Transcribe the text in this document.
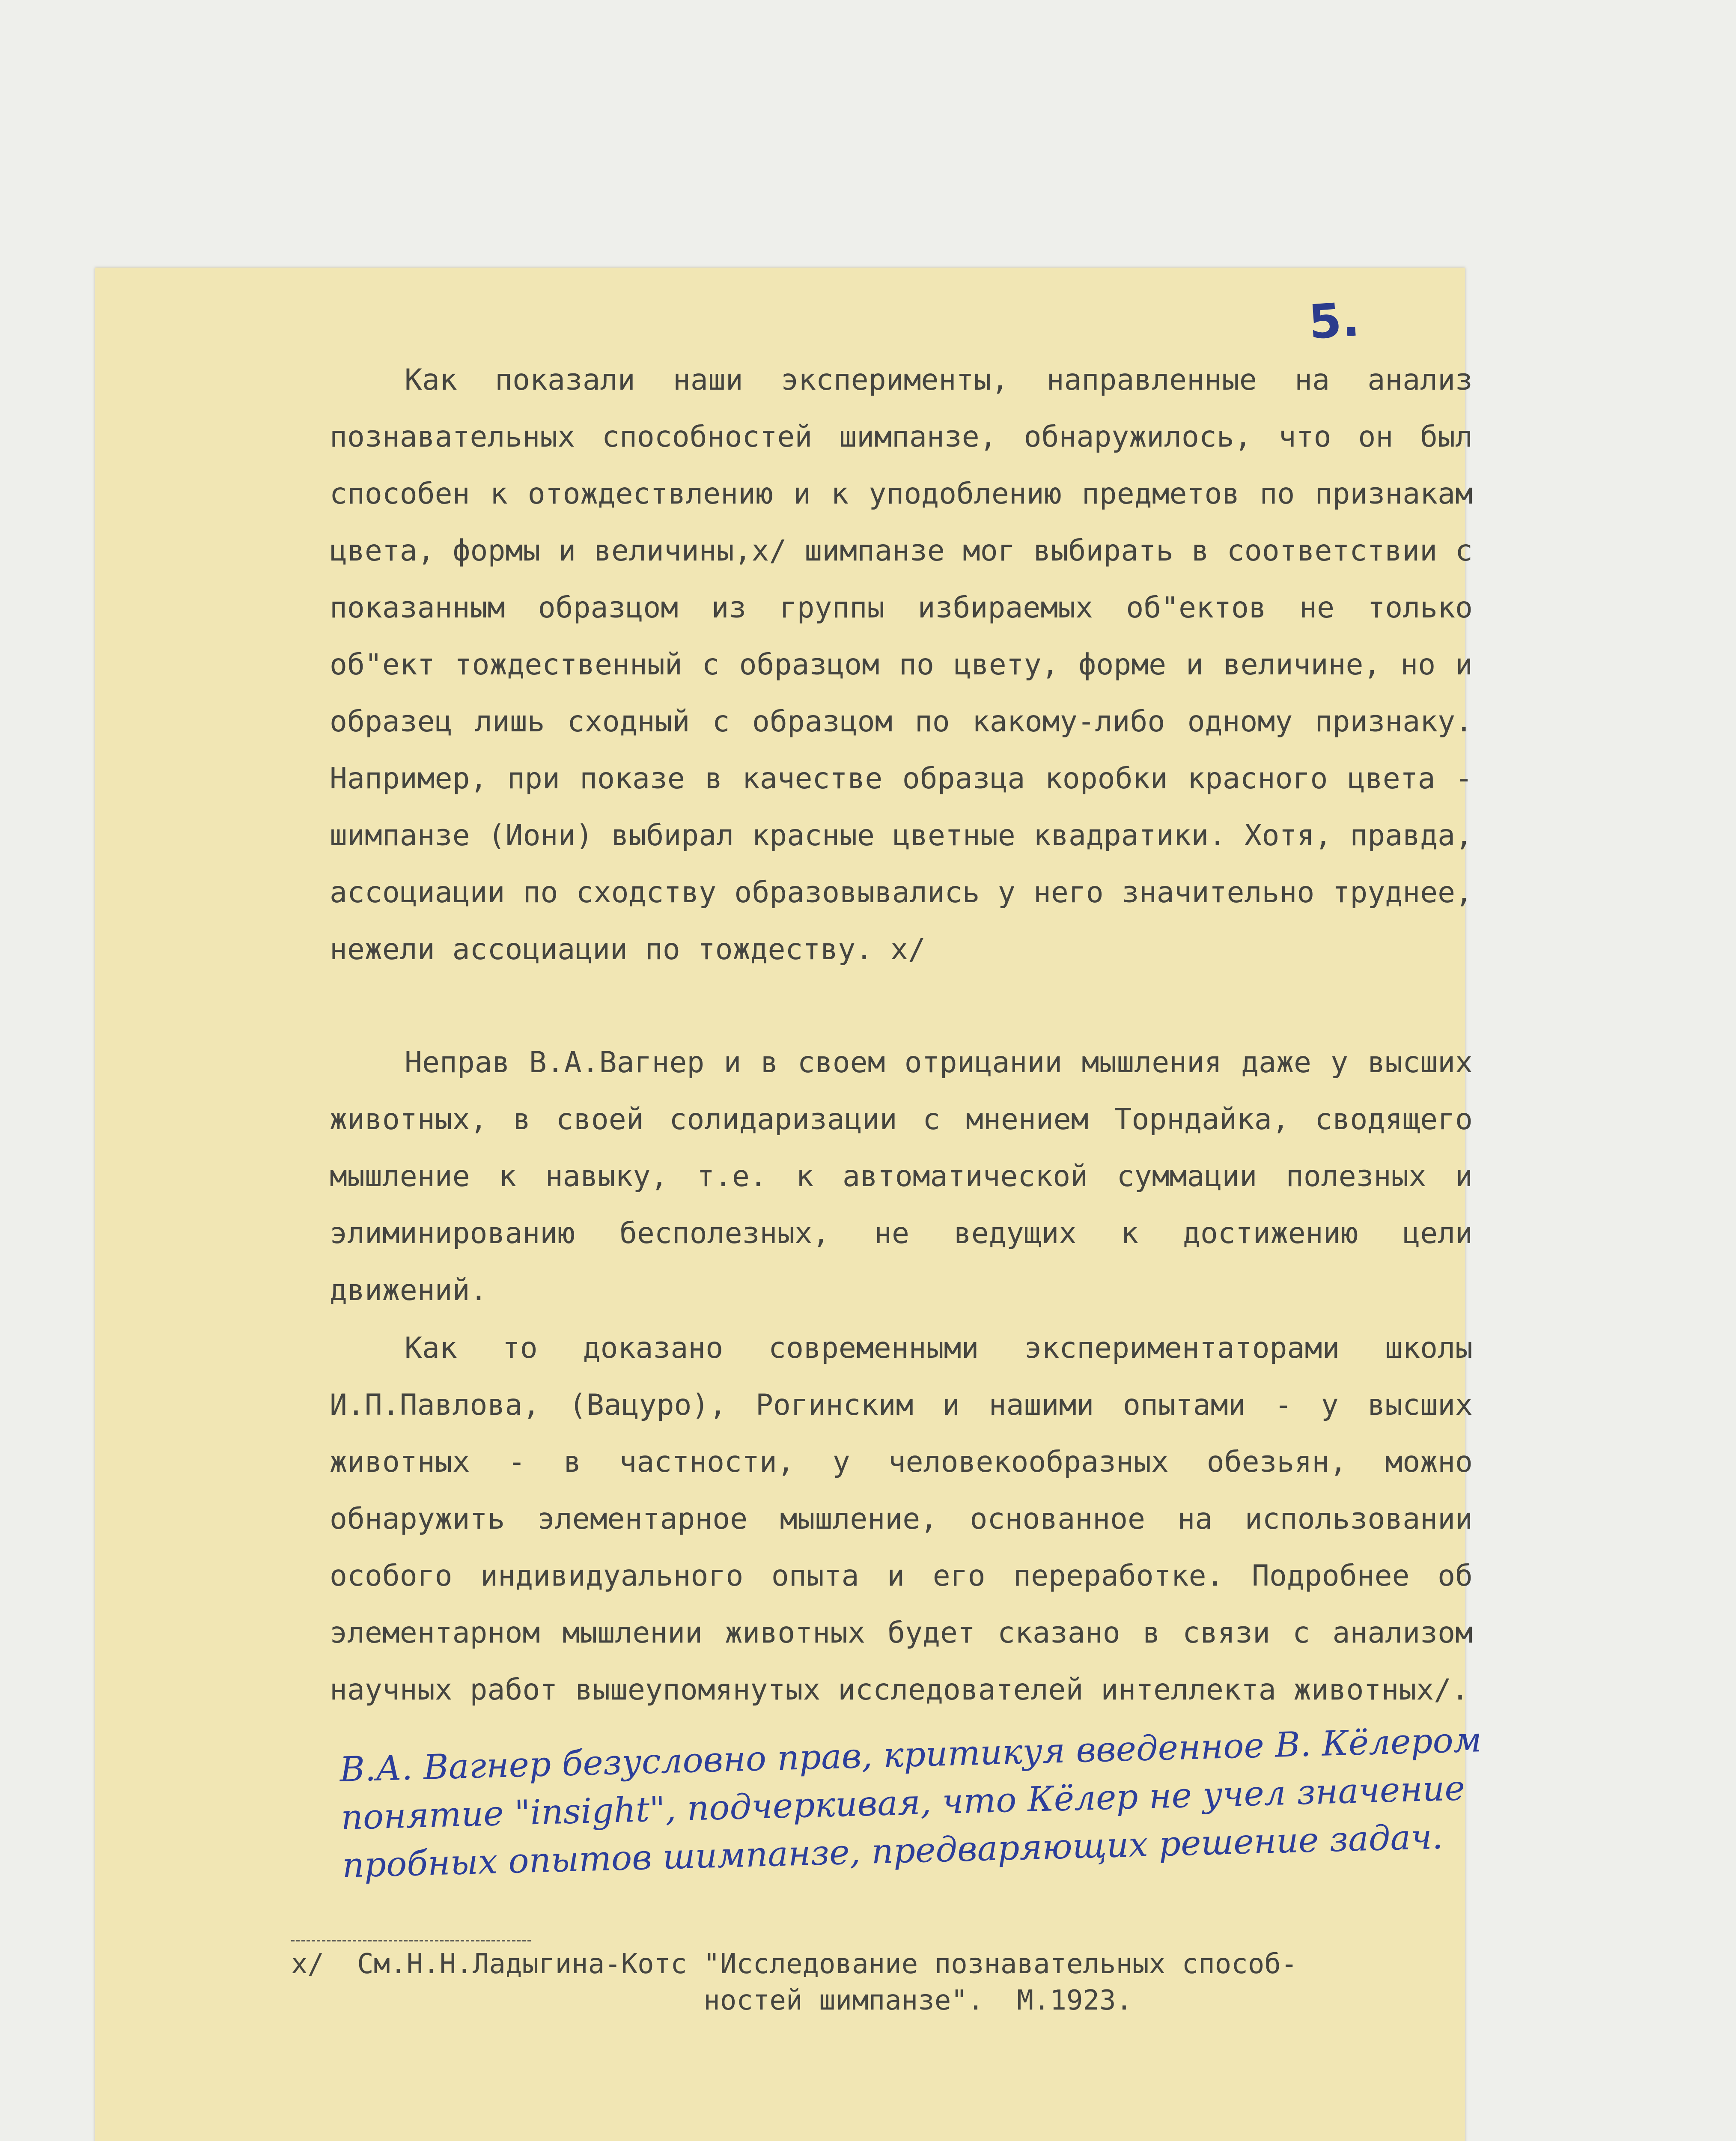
5.

Как показали наши эксперименты, направленные на анализ познавательных способностей шимпанзе, обнаружилось, что он был способен к отождествлению и к уподоблению предметов по признакам цвета, формы и величины,x/ шимпанзе мог выбирать в соответствии с показанным образцом из группы избираемых об"ектов не только об"ект тождественный с образцом по цвету, форме и величине, но и образец лишь сходный с образцом по какому-либо одному признаку. Например, при показе в качестве образца коробки красного цвета - шимпанзе (Иони) выбирал красные цветные квадратики. Хотя, правда, ассоциации по сходству образовывались у него значительно труднее, нежели ассоциации по тождеству. x/

Неправ В.А.Вагнер и в своем отрицании мышления даже у высших животных, в своей солидаризации с мнением Торндайка, сводящего мышление к навыку, т.е. к автоматической суммации полезных и элиминированию бесполезных, не ведущих к достижению цели движений.

Как то доказано современными экспериментаторами школы И.П.Павлова, (Вацуро), Рогинским и нашими опытами - у высших животных - в частности, у человекообразных обезьян, можно обнаружить элементарное мышление, основанное на использовании особого индивидуального опыта и его переработке. Подробнее об элементарном мышлении животных будет сказано в связи с анализом научных работ вышеупомянутых исследователей интеллекта животных/.

В.А. Вагнер безусловно прав, критикуя введенное В. Кёлером понятие "insight", подчеркивая, что Кёлер не учел значение пробных опытов шимпанзе, предваряющих решение задач.

x/  См.Н.Н.Ладыгина-Котс "Исследование познавательных способ-
ностей шимпанзе".  М.1923.
